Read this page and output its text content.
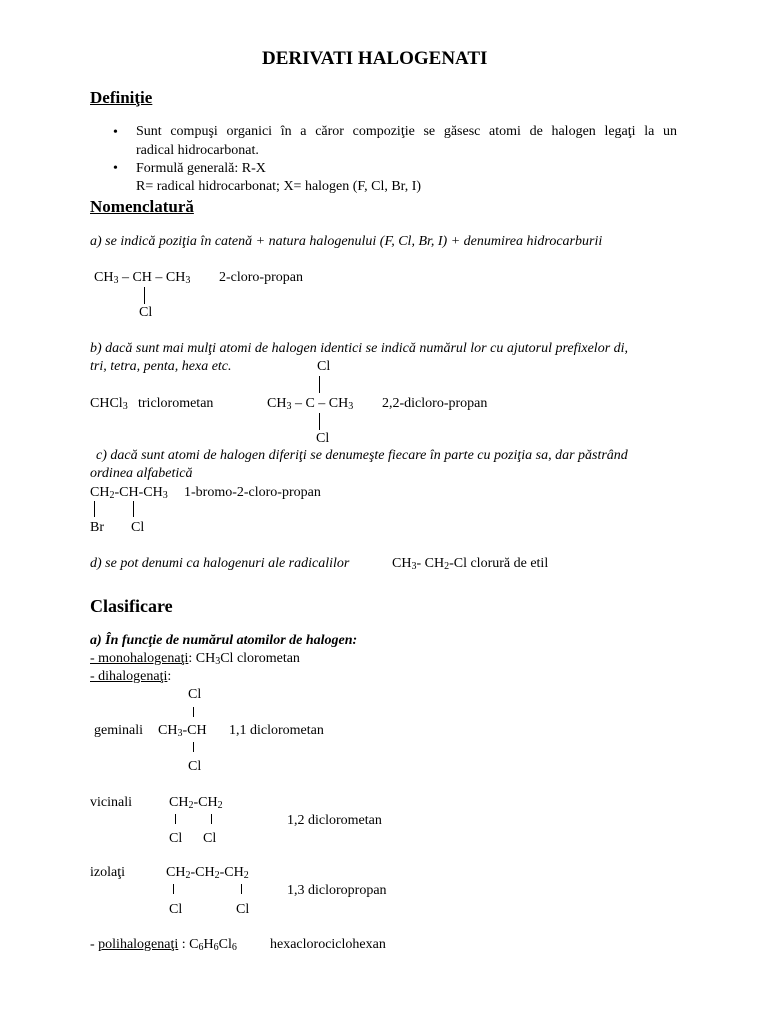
DERIVATI HALOGENATI
Definiţie
• Sunt compuşi organici în a căror compoziţie se găsesc atomi de halogen legaţi la un
radical hidrocarbonat.
• Formulă generală: R-X
R= radical hidrocarbonat; X= halogen (F, Cl, Br, I)
Nomenclatură
a) se indică poziţia în catenă + natura halogenului (F, Cl, Br, I) + denumirea hidrocarburii
$CH_3$ – CH – $CH_3$ 2-cloro-propan
Cl
b) dacă sunt mai mulţi atomi de halogen identici se indică numărul lor cu ajutorul prefixelor di,
tri, tetra, penta, hexa etc.	Cl
CHCl$_3$ triclorometan	$CH_3$ – C – $CH_3$ 2,2-dicloro-propan
Cl
c) dacă sunt atomi de halogen diferiţi se denumeşte fiecare în parte cu poziţia sa, dar păstrând
ordinea alfabetică
$CH_2-CH-CH_3$ 1-bromo-2-cloro-propan
Br Cl
d) se pot denumi ca halogenuri ale radicalilor	$CH_3-$ $CH_2-Cl$ clorură de etil
Clasificare
a) În funcţie de numărul atomilor de halogen:
- monohalogenaţi: $CH_3Cl$ clorometan
- dihalogenaţi:
Cl
geminali $CH_3-CH$ 1,1 diclorometan
Cl
vicinali	$CH_2-CH_2$
1,2 diclorometan
Cl Cl
izolaţi	$CH_2-CH_2-CH_2$
1,3 dicloropropan
Cl	Cl
- polihalogenaţi : $C_6H_6Cl_6$ hexaclorociclohexan
